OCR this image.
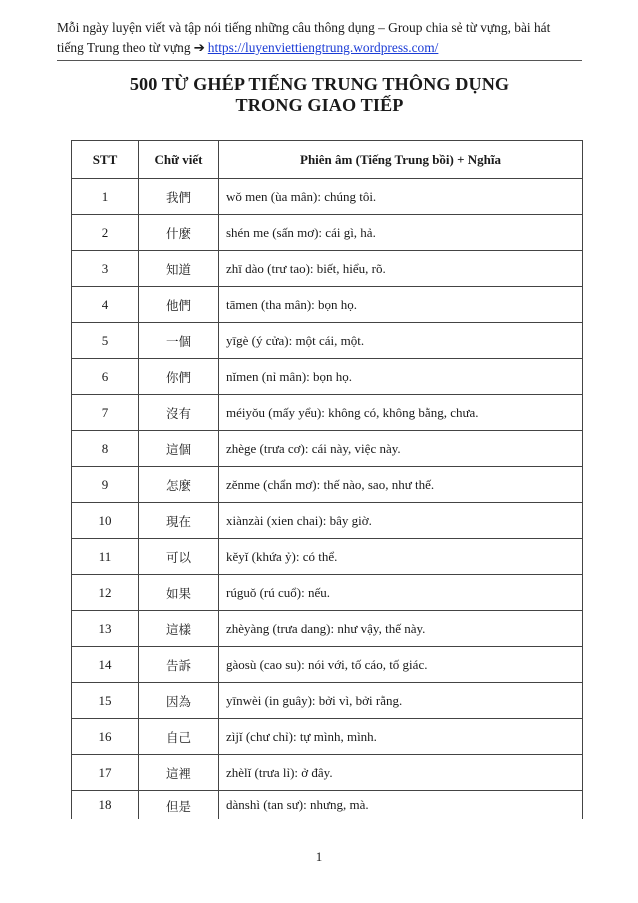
Mỗi ngày luyện viết và tập nói tiếng những câu thông dụng – Group chia sẻ từ vựng, bài hát
tiếng Trung theo từ vựng ➔ https://luyenviettiengtrung.wordpress.com/
500 TỪ GHÉP TIẾNG TRUNG THÔNG DỤNG
TRONG GIAO TIẾP
STT	Chữ viết	Phiên âm (Tiếng Trung bồi) + Nghĩa
1	我們	wǒ men (ùa mân): chúng tôi.
2	什麼	shén me (sấn mơ): cái gì, hả.
3	知道	zhī dào (trư tao): biết, hiểu, rõ.
4	他們	tāmen (tha mân): bọn họ.
5	一個	yīgè (ý cửa): một cái, một.
6	你們	nǐmen (nỉ mân): bọn họ.
7	沒有	méiyǒu (mấy yểu): không có, không bằng, chưa.
8	這個	zhège (trưa cơ): cái này, việc này.
9	怎麼	zěnme (chẩn mơ): thế nào, sao, như thế.
10	現在	xiànzài (xien chai): bây giờ.
11	可以	kěyǐ (khứa ỷ): có thể.
12	如果	rúguǒ (rú cuổ): nếu.
13	這樣	zhèyàng (trưa dang): như vậy, thế này.
14	告訴	gàosù (cao su): nói với, tố cáo, tố giác.
15	因為	yīnwèi (in guây): bởi vì, bởi rằng.
16	自己	zìjǐ (chư chỉ): tự mình, mình.
17	這裡	zhèlǐ (trưa lỉ): ở đây.
18	但是	dànshì (tan sư): nhưng, mà.
1
